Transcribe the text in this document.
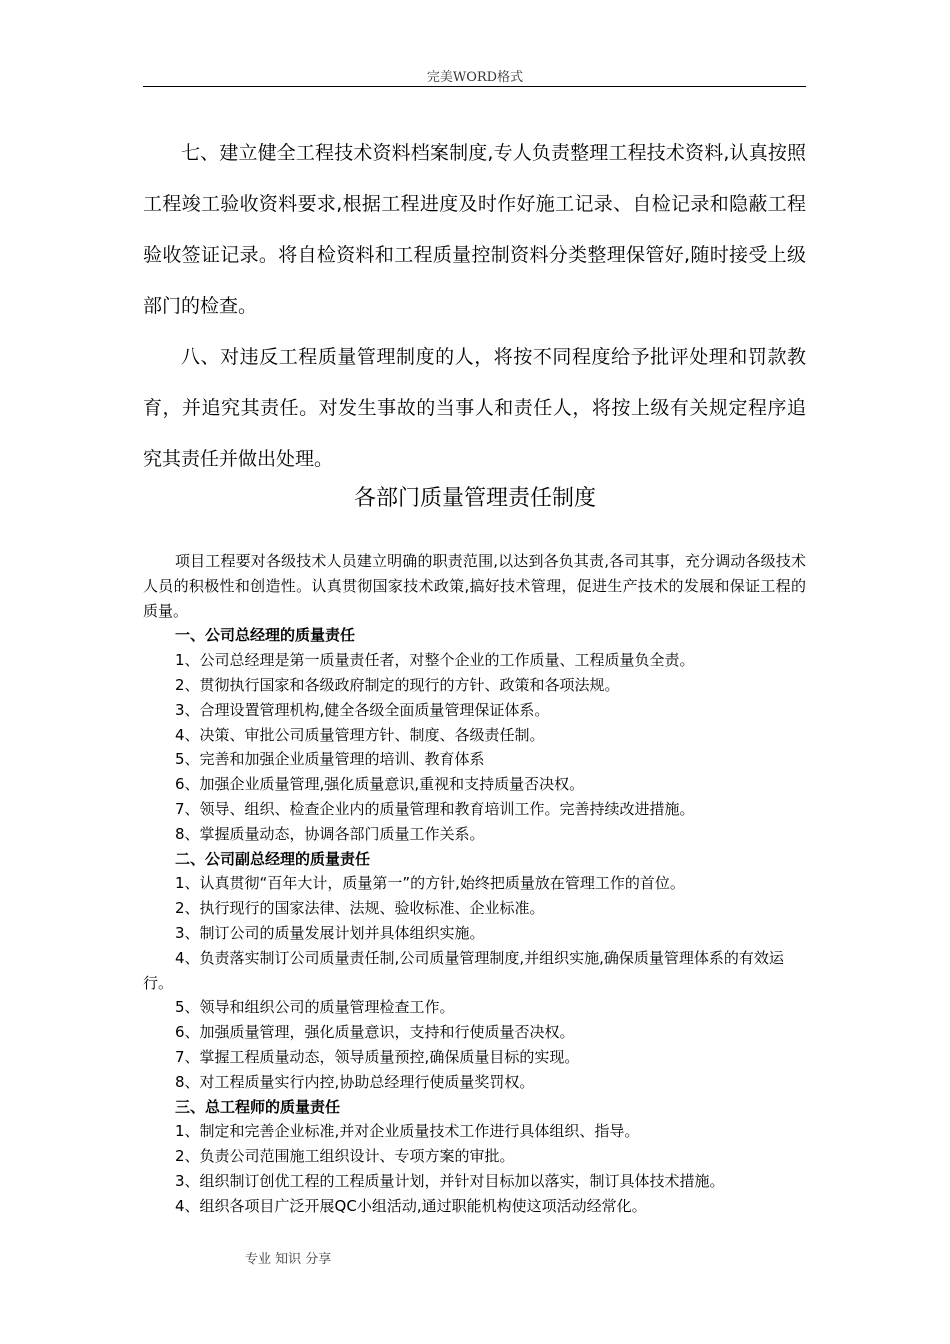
完美WORD格式

七、建立健全工程技术资料档案制度,专人负责整理工程技术资料,认真按照工程竣工验收资料要求,根据工程进度及时作好施工记录、自检记录和隐蔽工程验收签证记录。将自检资料和工程质量控制资料分类整理保管好,随时接受上级部门的检查。

八、对违反工程质量管理制度的人，将按不同程度给予批评处理和罚款教育，并追究其责任。对发生事故的当事人和责任人，将按上级有关规定程序追究其责任并做出处理。

各部门质量管理责任制度

项目工程要对各级技术人员建立明确的职责范围,以达到各负其责,各司其事，充分调动各级技术人员的积极性和创造性。认真贯彻国家技术政策,搞好技术管理，促进生产技术的发展和保证工程的质量。

一、公司总经理的质量责任

1、公司总经理是第一质量责任者，对整个企业的工作质量、工程质量负全责。

2、贯彻执行国家和各级政府制定的现行的方针、政策和各项法规。

3、合理设置管理机构,健全各级全面质量管理保证体系。

4、决策、审批公司质量管理方针、制度、各级责任制。

5、完善和加强企业质量管理的培训、教育体系

6、加强企业质量管理,强化质量意识,重视和支持质量否决权。

7、领导、组织、检查企业内的质量管理和教育培训工作。完善持续改进措施。

8、掌握质量动态，协调各部门质量工作关系。

二、公司副总经理的质量责任

1、认真贯彻“百年大计，质量第一”的方针,始终把质量放在管理工作的首位。

2、执行现行的国家法律、法规、验收标准、企业标准。

3、制订公司的质量发展计划并具体组织实施。

4、负责落实制订公司质量责任制,公司质量管理制度,并组织实施,确保质量管理体系的有效运行。

5、领导和组织公司的质量管理检查工作。

6、加强质量管理，强化质量意识，支持和行使质量否决权。

7、掌握工程质量动态，领导质量预控,确保质量目标的实现。

8、对工程质量实行内控,协助总经理行使质量奖罚权。

三、总工程师的质量责任

1、制定和完善企业标准,并对企业质量技术工作进行具体组织、指导。

2、负责公司范围施工组织设计、专项方案的审批。

3、组织制订创优工程的工程质量计划，并针对目标加以落实，制订具体技术措施。

4、组织各项目广泛开展QC小组活动,通过职能机构使这项活动经常化。

专业 知识 分享
